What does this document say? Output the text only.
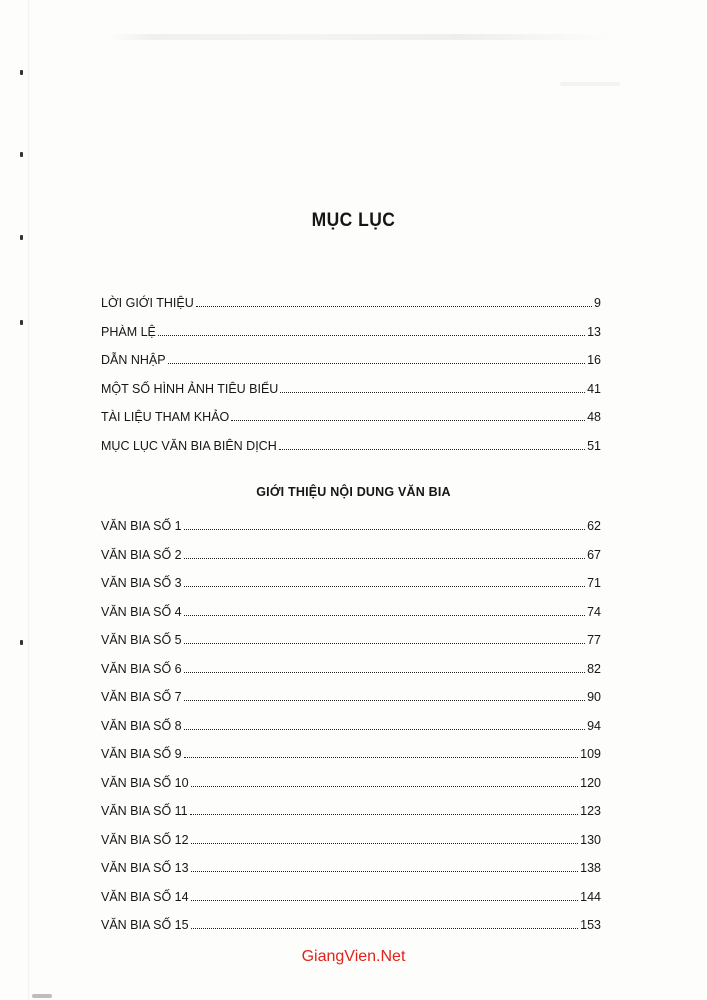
MỤC LỤC
LỜI GIỚI THIỆU	9
PHÀM LỆ	13
DẪN NHẬP	16
MỘT SỐ HÌNH ẢNH TIÊU BIỂU	41
TÀI LIỆU THAM KHẢO	48
MỤC LỤC VĂN BIA BIÊN DỊCH	51
GIỚI THIỆU NỘI DUNG VĂN BIA
VĂN BIA SỐ 1	62
VĂN BIA SỐ 2	67
VĂN BIA SỐ 3	71
VĂN BIA SỐ 4	74
VĂN BIA SỐ 5	77
VĂN BIA SỐ 6	82
VĂN BIA SỐ 7	90
VĂN BIA SỐ 8	94
VĂN BIA SỐ 9	109
VĂN BIA SỐ 10	120
VĂN BIA SỐ 11	123
VĂN BIA SỐ 12	130
VĂN BIA SỐ 13	138
VĂN BIA SỐ 14	144
VĂN BIA SỐ 15	153
GiangVien.Net
